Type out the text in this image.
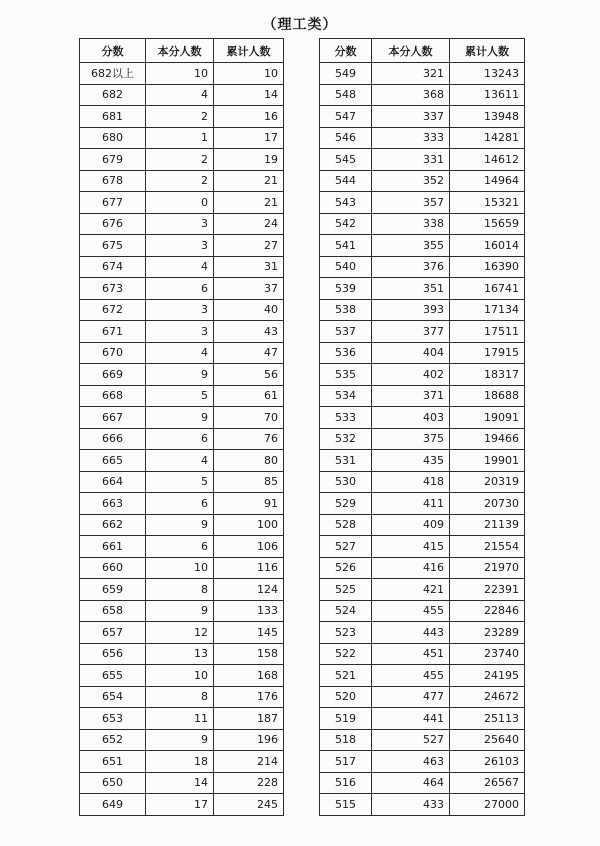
（理工类）
分数	本分人数	累计人数
682以上	10	10
682	4	14
681	2	16
680	1	17
679	2	19
678	2	21
677	0	21
676	3	24
675	3	27
674	4	31
673	6	37
672	3	40
671	3	43
670	4	47
669	9	56
668	5	61
667	9	70
666	6	76
665	4	80
664	5	85
663	6	91
662	9	100
661	6	106
660	10	116
659	8	124
658	9	133
657	12	145
656	13	158
655	10	168
654	8	176
653	11	187
652	9	196
651	18	214
650	14	228
649	17	245
分数	本分人数	累计人数
549	321	13243
548	368	13611
547	337	13948
546	333	14281
545	331	14612
544	352	14964
543	357	15321
542	338	15659
541	355	16014
540	376	16390
539	351	16741
538	393	17134
537	377	17511
536	404	17915
535	402	18317
534	371	18688
533	403	19091
532	375	19466
531	435	19901
530	418	20319
529	411	20730
528	409	21139
527	415	21554
526	416	21970
525	421	22391
524	455	22846
523	443	23289
522	451	23740
521	455	24195
520	477	24672
519	441	25113
518	527	25640
517	463	26103
516	464	26567
515	433	27000
